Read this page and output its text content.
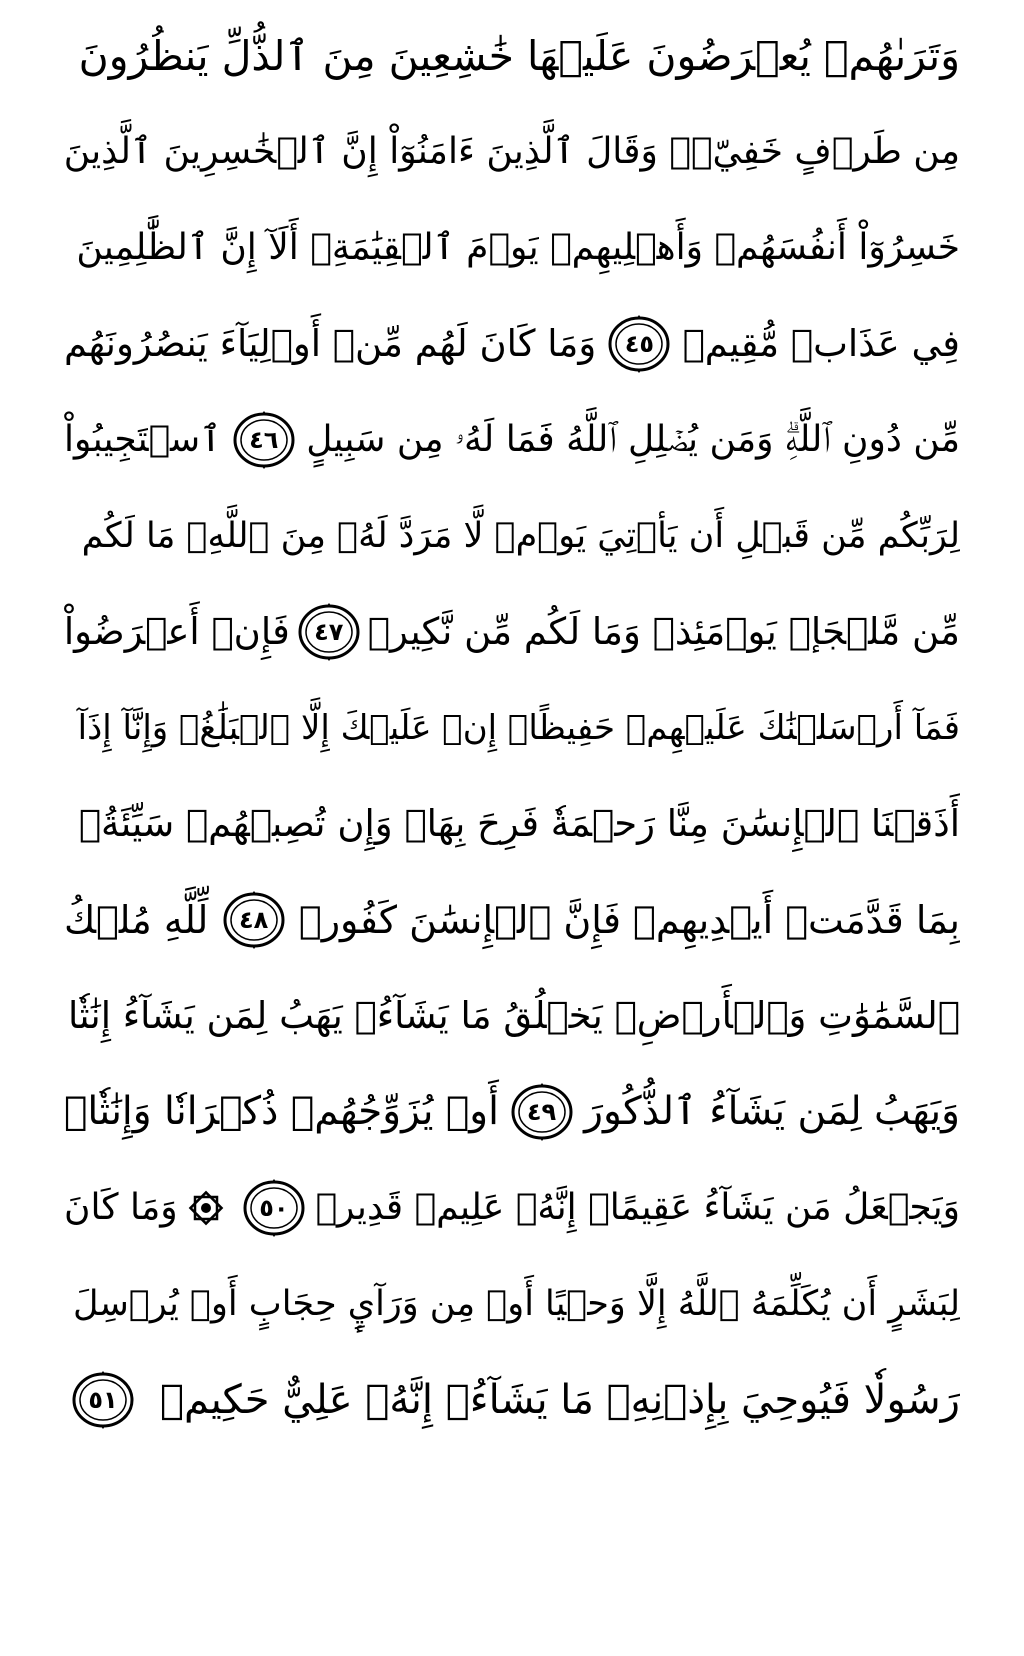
وَتَرَىٰهُمۡ يُعۡرَضُونَ عَلَيۡهَا خَٰشِعِينَ مِنَ ٱلذُّلِّ يَنظُرُونَ
مِن طَرۡفٍ خَفِيّٖۗ وَقَالَ ٱلَّذِينَ ءَامَنُوٓاْ إِنَّ ٱلۡخَٰسِرِينَ ٱلَّذِينَ
خَسِرُوٓاْ أَنفُسَهُمۡ وَأَهۡلِيهِمۡ يَوۡمَ ٱلۡقِيَٰمَةِۗ أَلَآ إِنَّ ٱلظَّٰلِمِينَ
فِي عَذَابٖ مُّقِيمٖ
٤٥
وَمَا كَانَ لَهُم مِّنۡ أَوۡلِيَآءَ يَنصُرُونَهُم
مِّن دُونِ ٱللَّهِۗ وَمَن يُضۡلِلِ ٱللَّهُ فَمَا لَهُۥ مِن سَبِيلٍ
٤٦
ٱسۡتَجِيبُواْ
لِرَبِّكُم مِّن قَبۡلِ أَن يَأۡتِيَ يَوۡمٞ لَّا مَرَدَّ لَهُۥ مِنَ ٱللَّهِۚ مَا لَكُم
مِّن مَّلۡجَإٖ يَوۡمَئِذٖ وَمَا لَكُم مِّن نَّكِيرٖ
٤٧
فَإِنۡ أَعۡرَضُواْ
فَمَآ أَرۡسَلۡنَٰكَ عَلَيۡهِمۡ حَفِيظًاۖ إِنۡ عَلَيۡكَ إِلَّا ٱلۡبَلَٰغُۗ وَإِنَّآ إِذَآ
أَذَقۡنَا ٱلۡإِنسَٰنَ مِنَّا رَحۡمَةٗ فَرِحَ بِهَاۖ وَإِن تُصِبۡهُمۡ سَيِّئَةُۢ
بِمَا قَدَّمَتۡ أَيۡدِيهِمۡ فَإِنَّ ٱلۡإِنسَٰنَ كَفُورٞ
٤٨
لِّلَّهِ مُلۡكُ
ٱلسَّمَٰوَٰتِ وَٱلۡأَرۡضِۚ يَخۡلُقُ مَا يَشَآءُۚ يَهَبُ لِمَن يَشَآءُ إِنَٰثٗا
وَيَهَبُ لِمَن يَشَآءُ ٱلذُّكُورَ
٤٩
أَوۡ يُزَوِّجُهُمۡ ذُكۡرَانٗا وَإِنَٰثٗاۖ
وَيَجۡعَلُ مَن يَشَآءُ عَقِيمًاۚ إِنَّهُۥ عَلِيمٞ قَدِيرٞ
٥٠
وَمَا كَانَ
لِبَشَرٍ أَن يُكَلِّمَهُ ٱللَّهُ إِلَّا وَحۡيًا أَوۡ مِن وَرَآيِٕ حِجَابٍ أَوۡ يُرۡسِلَ
رَسُولٗا فَيُوحِيَ بِإِذۡنِهِۦ مَا يَشَآءُۚ إِنَّهُۥ عَلِيٌّ حَكِيمٞ
٥١
